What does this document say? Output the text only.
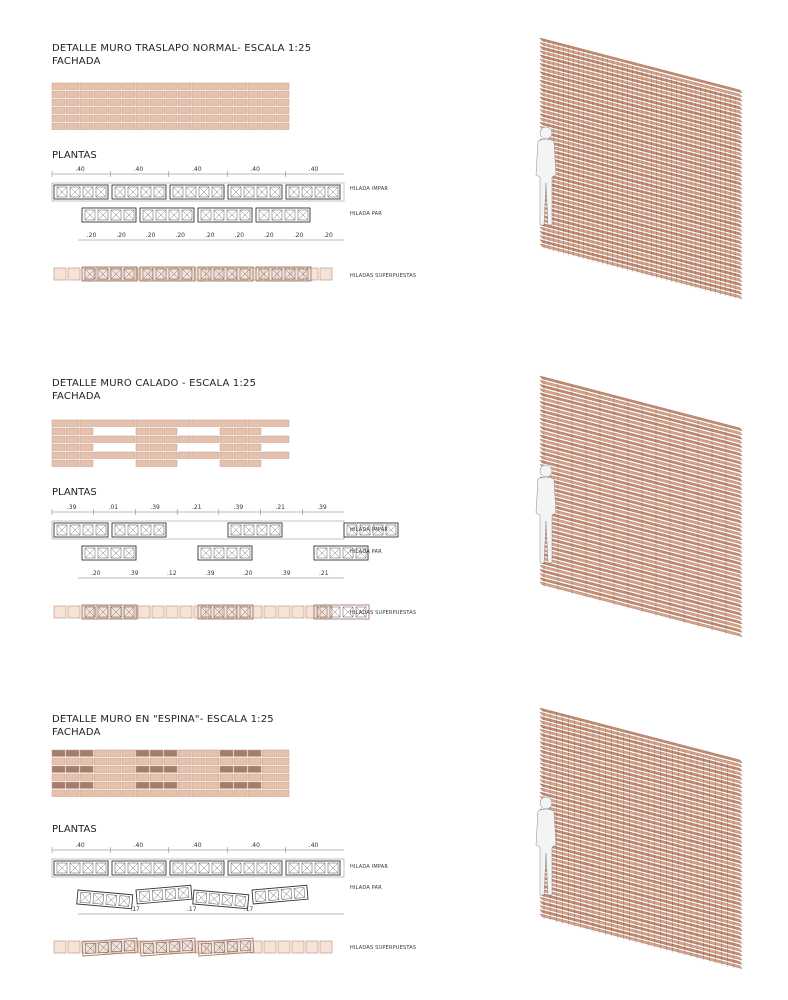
DETALLE MURO TRASLAPO NORMAL- ESCALA 1:25
FACHADA
PLANTAS
.40	.40	.40	.40	.40
.20	.20	.20	.20	.20	.20	.20	.20	.20
HILADA IMPAR
HILADA PAR
HILADAS SUPERPUESTAS
DETALLE MURO CALADO - ESCALA 1:25
FACHADA
PLANTAS
.39	.01	.39	.21	.39	.21	.39
.20	.39	.12	.39	.20	.39	.21
HILADA IMPAR
HILADA PAR
HILADAS SUPERPUESTAS
DETALLE MURO EN "ESPINA"- ESCALA 1:25
FACHADA
PLANTAS
.40	.40	.40	.40	.40
.17	.17	.17
HILADA IMPAR
HILADA PAR
HILADAS SUPERPUESTAS
